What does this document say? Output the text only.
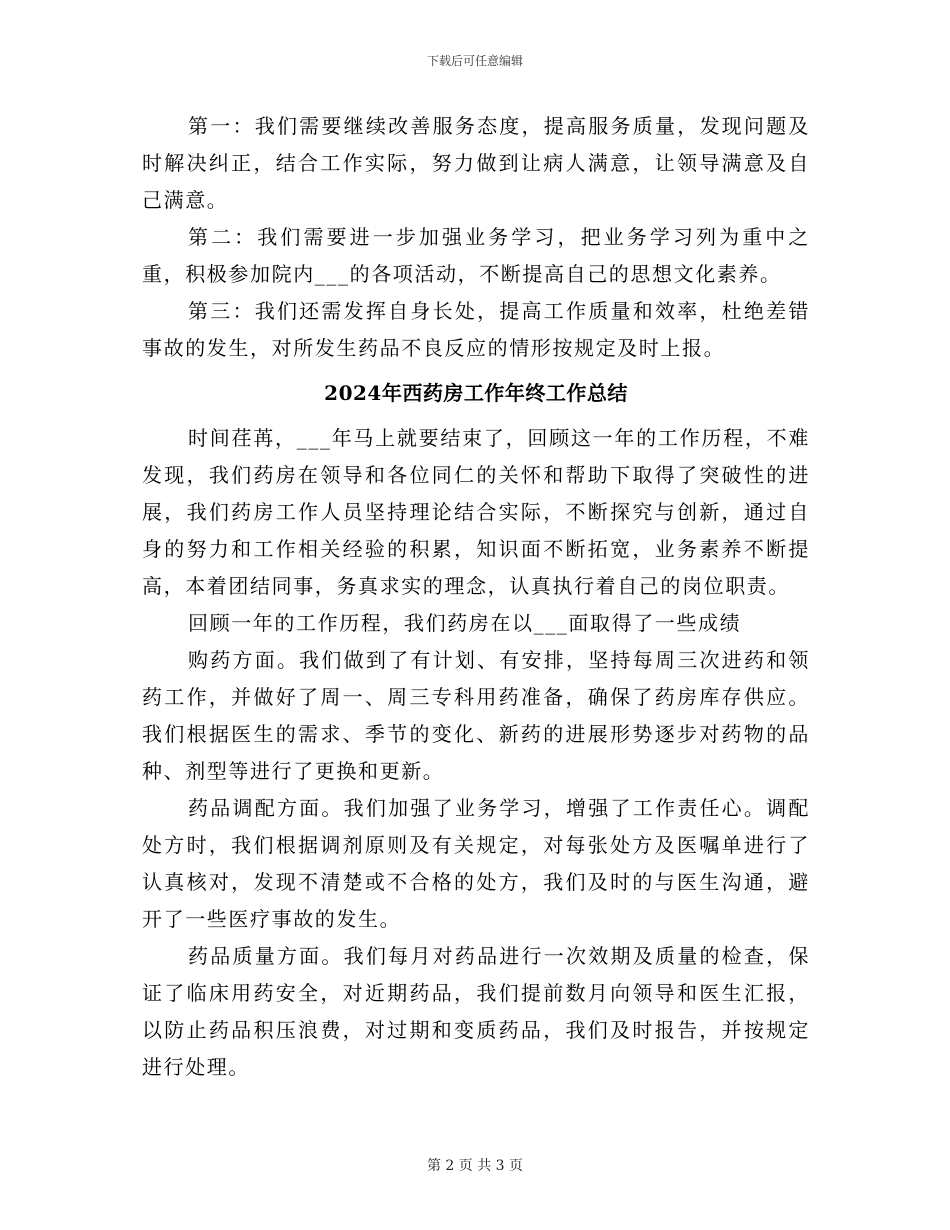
下载后可任意编辑

第一：我们需要继续改善服务态度，提高服务质量，发现问题及时解决纠正，结合工作实际，努力做到让病人满意，让领导满意及自己满意。

第二：我们需要进一步加强业务学习，把业务学习列为重中之重，积极参加院内___的各项活动，不断提高自己的思想文化素养。

第三：我们还需发挥自身长处，提高工作质量和效率，杜绝差错事故的发生，对所发生药品不良反应的情形按规定及时上报。

2024年西药房工作年终工作总结

时间荏苒，___年马上就要结束了，回顾这一年的工作历程，不难发现，我们药房在领导和各位同仁的关怀和帮助下取得了突破性的进展，我们药房工作人员坚持理论结合实际，不断探究与创新，通过自身的努力和工作相关经验的积累，知识面不断拓宽，业务素养不断提高，本着团结同事，务真求实的理念，认真执行着自己的岗位职责。

回顾一年的工作历程，我们药房在以___面取得了一些成绩

购药方面。我们做到了有计划、有安排，坚持每周三次进药和领药工作，并做好了周一、周三专科用药准备，确保了药房库存供应。我们根据医生的需求、季节的变化、新药的进展形势逐步对药物的品种、剂型等进行了更换和更新。

药品调配方面。我们加强了业务学习，增强了工作责任心。调配处方时，我们根据调剂原则及有关规定，对每张处方及医嘱单进行了认真核对，发现不清楚或不合格的处方，我们及时的与医生沟通，避开了一些医疗事故的发生。

药品质量方面。我们每月对药品进行一次效期及质量的检查，保证了临床用药安全，对近期药品，我们提前数月向领导和医生汇报，以防止药品积压浪费，对过期和变质药品，我们及时报告，并按规定进行处理。

第 2 页 共 3 页
